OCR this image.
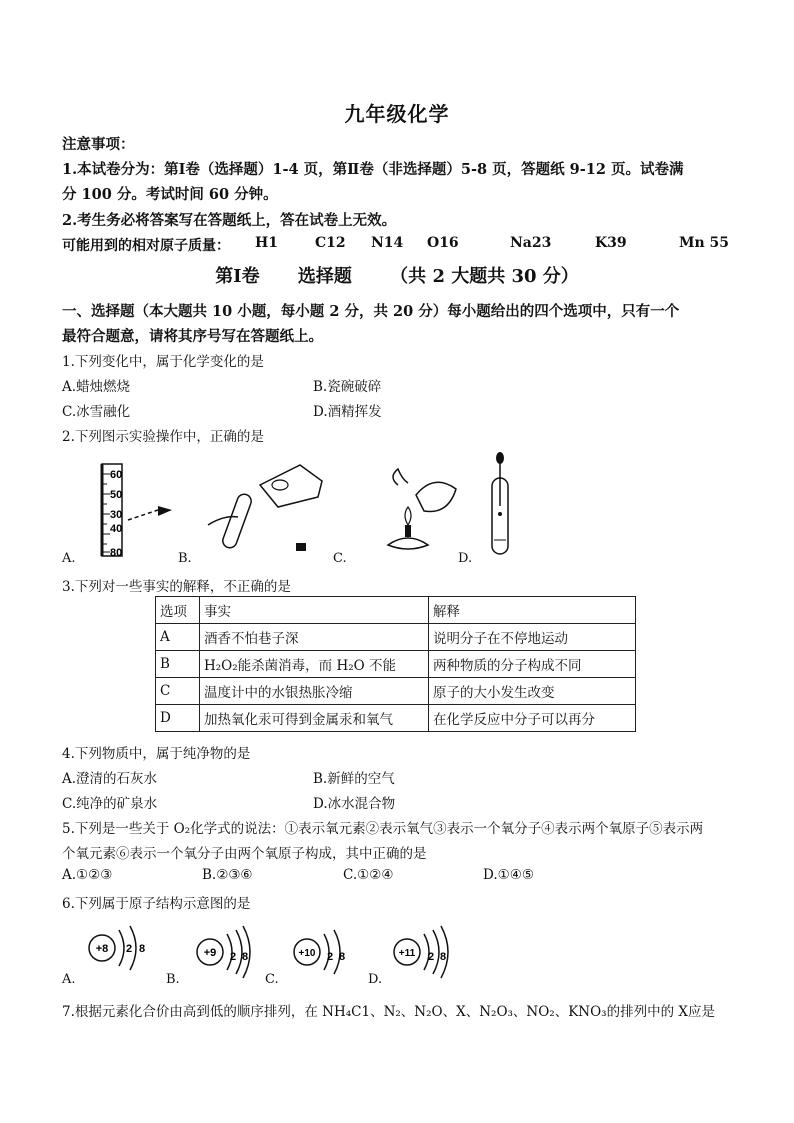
九年级化学
注意事项：
1.本试卷分为：第Ⅰ卷（选择题）1-4 页，第Ⅱ卷（非选择题）5-8 页，答题纸 9-12 页。试卷满
分 100 分。考试时间 60 分钟。
2.考生务必将答案写在答题纸上，答在试卷上无效。
可能用到的相对原子质量： H1	C12 N14 O16	Na23	K39	Mn 55
第Ⅰ卷 选择题 （共 2 大题共 30 分）
一、选择题（本大题共 10 小题，每小题 2 分，共 20 分）每小题给出的四个选项中，只有一个
最符合题意，请将其序号写在答题纸上。
1.下列变化中，属于化学变化的是
A.蜡烛燃烧	B.瓷碗破碎
C.冰雪融化	D.酒精挥发
2.下列图示实验操作中，正确的是
60
50
40
30
80
A.	B.	C.	D.
3.下列对一些事实的解释，不正确的是
选项	事实	解释
A	酒香不怕巷子深	说明分子在不停地运动
B	H₂O₂能杀菌消毒，而 H₂O 不能	两种物质的分子构成不同
C	温度计中的水银热胀冷缩	原子的大小发生改变
D	加热氧化汞可得到金属汞和氧气	在化学反应中分子可以再分
4.下列物质中，属于纯净物的是
A.澄清的石灰水	B.新鲜的空气
C.纯净的矿泉水	D.冰水混合物
5.下列是一些关于 O₂化学式的说法：①表示氧元素②表示氧气③表示一个氧分子④表示两个氧原子⑤表示两
个氧元素⑥表示一个氧分子由两个氧原子构成，其中正确的是
A.①②③	B.②③⑥	C.①②④	D.①④⑤
6.下列属于原子结构示意图的是
+8 2 8	+9 2 8	+10 2 8	+11 2 8
A.	B.	C.	D.
7.根据元素化合价由高到低的顺序排列，在 NH₄C1、N₂、N₂O、X、N₂O₃、NO₂、KNO₃的排列中的 X应是
